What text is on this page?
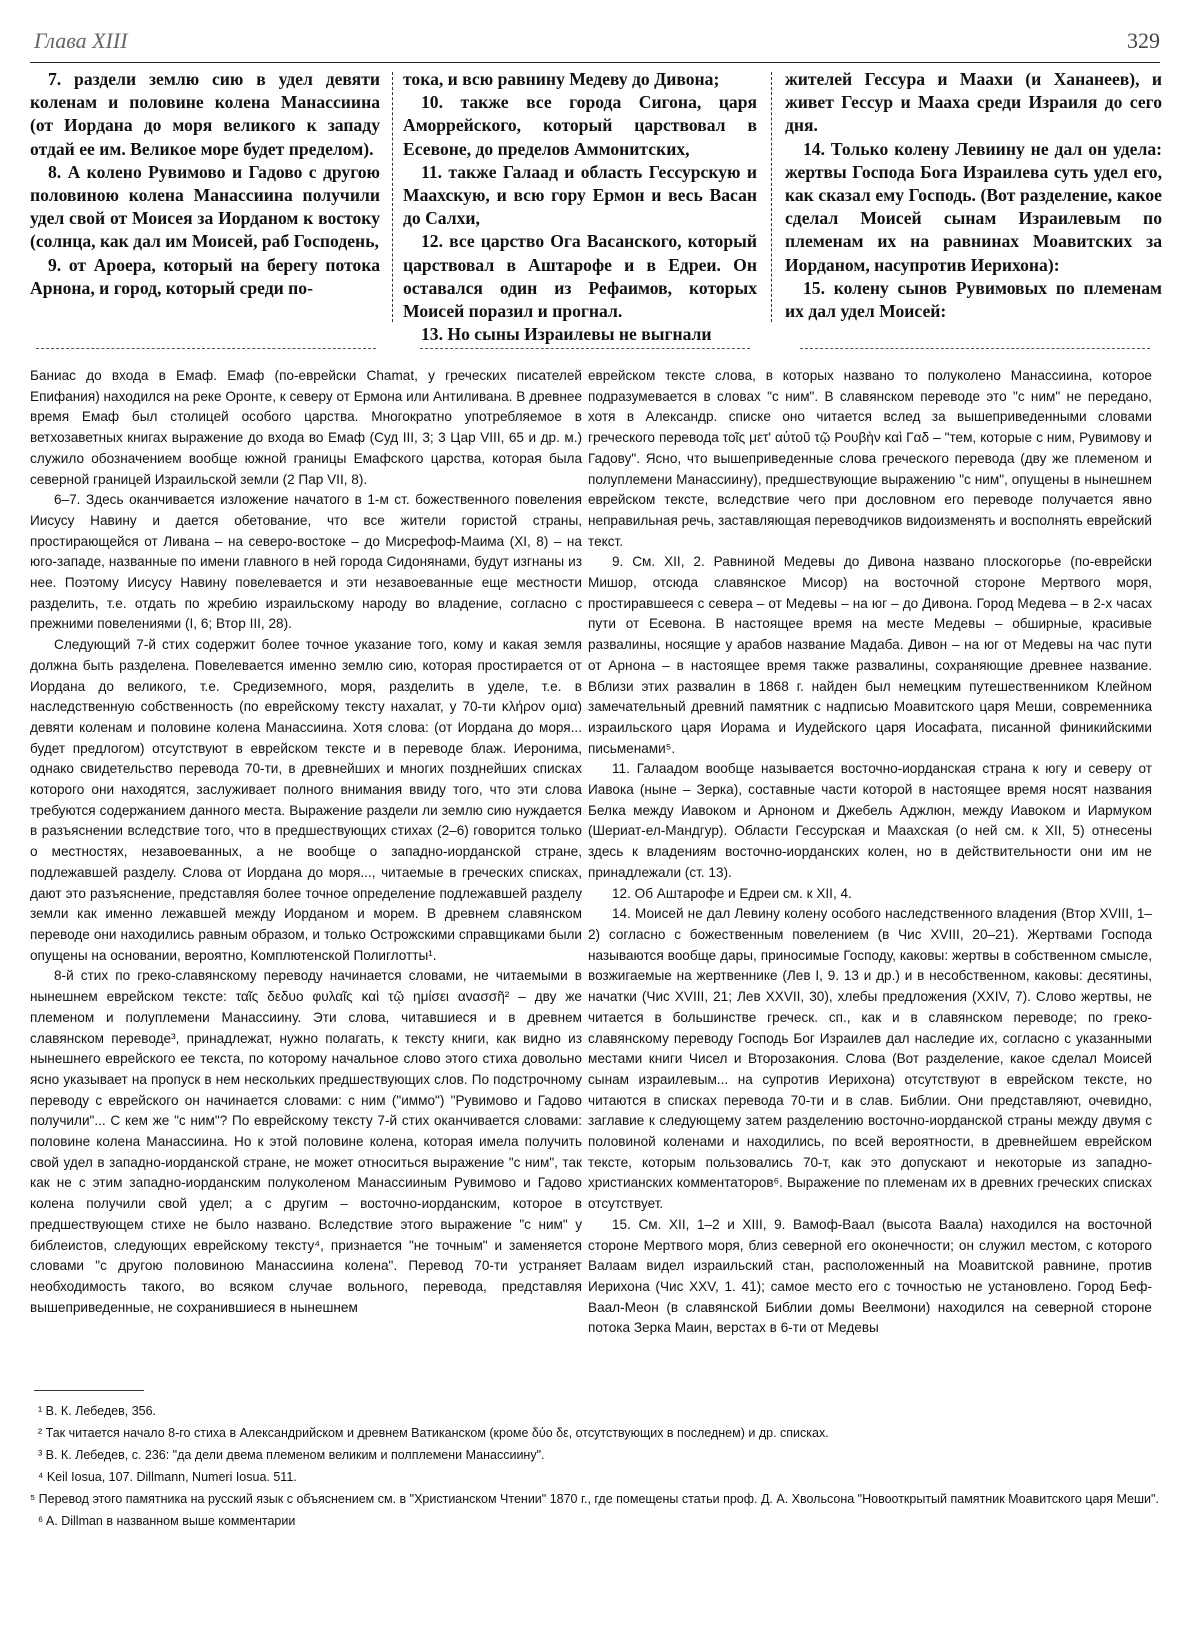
Глава XIII	329

7. раздели землю сию в удел девяти коленам и половине колена Манассиина (от Иордана до моря великого к западу отдай ее им. Великое море будет пределом).

8. А колено Рувимово и Гадово с другою половиною колена Манассиина получили удел свой от Моисея за Иорданом к востоку (солнца, как дал им Моисей, раб Господень,

9. от Ароера, который на берегу потока Арнона, и город, который среди по-

тока, и всю равнину Медеву до Дивона;

10. также все города Сигона, царя Аморрейского, который царствовал в Есевоне, до пределов Аммонитских,

11. также Галаад и область Гессурскую и Маахскую, и всю гору Ермон и весь Васан до Салхи,

12. все царство Ога Васанского, который царствовал в Аштарофе и в Едреи. Он оставался один из Рефаимов, которых Моисей поразил и прогнал.

13. Но сыны Израилевы не выгнали

жителей Гессура и Маахи (и Хананеев), и живет Гессур и Мааха среди Израиля до сего дня.

14. Только колену Левиину не дал он удела: жертвы Господа Бога Израилева суть удел его, как сказал ему Господь. (Вот разделение, какое сделал Моисей сынам Израилевым по племенам их на равнинах Моавитских за Иорданом, насупротив Иерихона):

15. колену сынов Рувимовых по племенам их дал удел Моисей:

Баниас до входа в Емаф. Емаф (по-еврейски Chamat, у греческих писателей Епифания) находился на реке Оронте, к северу от Ермона или Антиливана. В древнее время Емаф был столицей особого царства. Многократно употребляемое в ветхозаветных книгах выражение до входа во Емаф (Суд III, 3; 3 Цар VIII, 65 и др. м.) служило обозначением вообще южной границы Емафского царства, которая была северной границей Израильской земли (2 Пар VII, 8).

6–7. Здесь оканчивается изложение начатого в 1-м ст. божественного повеления Иисусу Навину и дается обетование, что все жители гористой страны, простирающейся от Ливана – на северо-востоке – до Мисрефоф-Маима (XI, 8) – на юго-западе, названные по имени главного в ней города Сидонянами, будут изгнаны из нее. Поэтому Иисусу Навину повелевается и эти незавоеванные еще местности разделить, т.е. отдать по жребию израильскому народу во владение, согласно с прежними повелениями (I, 6; Втор III, 28).

Следующий 7-й стих содержит более точное указание того, кому и какая земля должна быть разделена. Повелевается именно землю сию, которая простирается от Иордана до великого, т.е. Средиземного, моря, разделить в уделе, т.е. в наследственную собственность (по еврейскому тексту нахалат, у 70-ти κλήρον ομια) девяти коленам и половине колена Манассиина. Хотя слова: (от Иордана до моря... будет предлогом) отсутствуют в еврейском тексте и в переводе блаж. Иеронима, однако свидетельство перевода 70-ти, в древнейших и многих позднейших списках которого они находятся, заслуживает полного внимания ввиду того, что эти слова требуются содержанием данного места. Выражение раздели ли землю сию нуждается в разъяснении вследствие того, что в предшествующих стихах (2–6) говорится только о местностях, незавоеванных, а не вообще о западно-иорданской стране, подлежавшей разделу. Слова от Иордана до моря..., читаемые в греческих списках, дают это разъяснение, представляя более точное определение подлежавшей разделу земли как именно лежавшей между Иорданом и морем. В древнем славянском переводе они находились равным образом, и только Острожскими справщиками были опущены на основании, вероятно, Комплютенской Полиглотты¹.

8-й стих по греко-славянскому переводу начинается словами, не читаемыми в нынешнем еврейском тексте: ταῖς δεδυο φυλαῖς καὶ τῷ ημίσει ανασσῆ² – дву же племеном и полуплемени Манассиину. Эти слова, читавшиеся и в древнем славянском переводе³, принадлежат, нужно полагать, к тексту книги, как видно из нынешнего еврейского ее текста, по которому начальное слово этого стиха довольно ясно указывает на пропуск в нем нескольких предшествующих слов. По подстрочному переводу с еврейского он начинается словами: с ним ("иммо") "Рувимово и Гадово получили"... С кем же "с ним"? По еврейскому тексту 7-й стих оканчивается словами: половине колена Манассиина. Но к этой половине колена, которая имела получить свой удел в западно-иорданской стране, не может относиться выражение "с ним", так как не с этим западно-иорданским полуколеном Манассииным Рувимово и Гадово колена получили свой удел; а с другим – восточно-иорданским, которое в предшествующем стихе не было названо. Вследствие этого выражение "с ним" у библеистов, следующих еврейскому тексту⁴, признается "не точным" и заменяется словами "с другою половиною Манассиина колена". Перевод 70-ти устраняет необходимость такого, во всяком случае вольного, перевода, представляя вышеприведенные, не сохранившиеся в нынешнем

еврейском тексте слова, в которых названо то полуколено Манассиина, которое подразумевается в словах "с ним". В славянском переводе это "с ним" не передано, хотя в Александр. списке оно читается вслед за вышеприведенными словами греческого перевода τοῖς μετ' αὐτοῦ τῷ Ρουβὴν καὶ Γαδ – "тем, которые с ним, Рувимову и Гадову". Ясно, что вышеприведенные слова греческого перевода (дву же племеном и полуплемени Манассиину), предшествующие выражению "с ним", опущены в нынешнем еврейском тексте, вследствие чего при дословном его переводе получается явно неправильная речь, заставляющая переводчиков видоизменять и восполнять еврейский текст.

9. См. XII, 2. Равниной Медевы до Дивона названо плоскогорье (по-еврейски Мишор, отсюда славянское Мисор) на восточной стороне Мертвого моря, простиравшееся с севера – от Медевы – на юг – до Дивона. Город Медева – в 2-х часах пути от Есевона. В настоящее время на месте Медевы – обширные, красивые развалины, носящие у арабов название Мадаба. Дивон – на юг от Медевы на час пути от Арнона – в настоящее время также развалины, сохраняющие древнее название. Вблизи этих развалин в 1868 г. найден был немецким путешественником Клейном замечательный древний памятник с надписью Моавитского царя Меши, современника израильского царя Иорама и Иудейского царя Иосафата, писанной финикийскими письменами⁵.

11. Галаадом вообще называется восточно-иорданская страна к югу и северу от Иавока (ныне – Зерка), составные части которой в настоящее время носят названия Белка между Иавоком и Арноном и Джебель Аджлюн, между Иавоком и Иармуком (Шериат-ел-Мандгур). Области Гессурская и Маахская (о ней см. к XII, 5) отнесены здесь к владениям восточно-иорданских колен, но в действительности они им не принадлежали (ст. 13).

12. Об Аштарофе и Едреи см. к XII, 4.

14. Моисей не дал Левину колену особого наследственного владения (Втор XVIII, 1–2) согласно с божественным повелением (в Чис XVIII, 20–21). Жертвами Господа называются вообще дары, приносимые Господу, каковы: жертвы в собственном смысле, возжигаемые на жертвеннике (Лев I, 9. 13 и др.) и в несобственном, каковы: десятины, начатки (Чис XVIII, 21; Лев XXVII, 30), хлебы предложения (XXIV, 7). Слово жертвы, не читается в большинстве греческ. сп., как и в славянском переводе; по греко-славянскому переводу Господь Бог Израилев дал наследие их, согласно с указанными местами книги Чисел и Второзакония. Слова (Вот разделение, какое сделал Моисей сынам израилевым... на супротив Иерихона) отсутствуют в еврейском тексте, но читаются в списках перевода 70-ти и в слав. Библии. Они представляют, очевидно, заглавие к следующему затем разделению восточно-иорданской страны между двумя с половиной коленами и находились, по всей вероятности, в древнейшем еврейском тексте, которым пользовались 70-т, как это допускают и некоторые из западно-христианских комментаторов⁶. Выражение по племенам их в древних греческих списках отсутствует.

15. См. XII, 1–2 и XIII, 9. Вамоф-Ваал (высота Ваала) находился на восточной стороне Мертвого моря, близ северной его оконечности; он служил местом, с которого Валаам видел израильский стан, расположенный на Моавитской равнине, против Иерихона (Чис XXV, 1. 41); самое место его с точностью не установлено. Город Беф-Ваал-Меон (в славянской Библии домы Веелмони) находился на северной стороне потока Зерка Маин, верстах в 6-ти от Медевы

¹ В. К. Лебедев, 356.

² Так читается начало 8-го стиха в Александрийском и древнем Ватиканском (кроме δύο δε, отсутствующих в последнем) и др. списках.

³ В. К. Лебедев, с. 236: "да дели двема племеном великим и полплемени Манассиину".

⁴ Keil Iosua, 107. Dillmann, Numeri Iosua. 511.

⁵ Перевод этого памятника на русский язык с объяснением см. в "Христианском Чтении" 1870 г., где помещены статьи проф. Д. А. Хвольсона "Новооткрытый памятник Моавитского царя Меши".

⁶ A. Dillman в названном выше комментарии
